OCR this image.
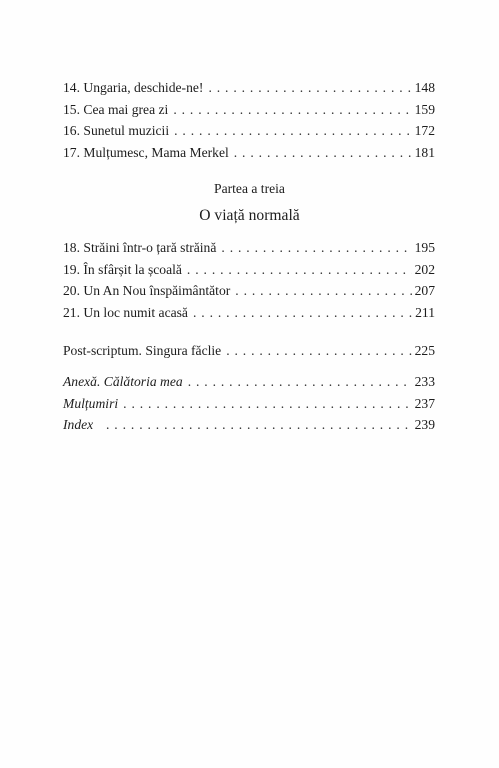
14. Ungaria, deschide-ne! . . .	148
15. Cea mai grea zi . . .	159
16. Sunetul muzicii . . .	172
17. Mulțumesc, Mama Merkel . . .	181
Partea a treia
O viață normală
18. Străini într-o țară străină . . .	195
19. În sfârșit la școală . . .	202
20. Un An Nou înspăimântător . . .	207
21. Un loc numit acasă . . .	211
Post-scriptum. Singura făclie . . .	225
Anexă. Călătoria mea . . .	233
Mulțumiri . . .	237
Index . . .	239
